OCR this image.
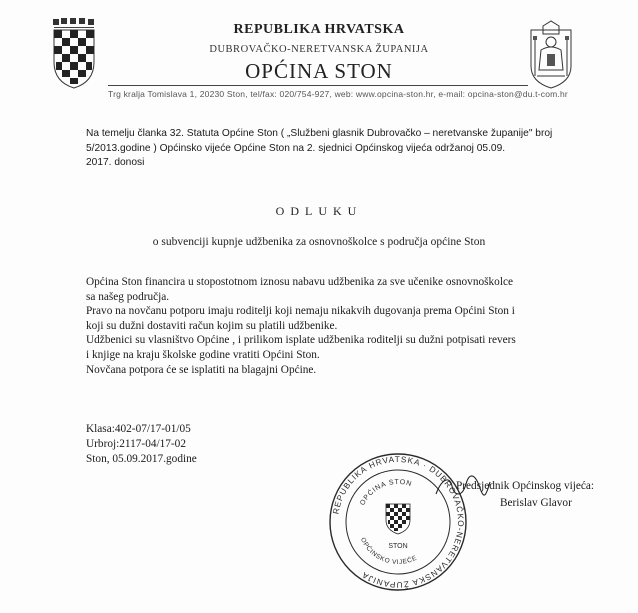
REPUBLIKA HRVATSKA
DUBROVAČKO-NERETVANSKA ŽUPANIJA
OPĆINA STON
Trg kralja Tomislava 1, 20230 Ston, tel/fax: 020/754-927, web: www.opcina-ston.hr, e-mail: opcina-ston@du.t-com.hr
Na temelju članka 32. Statuta Općine Ston ( „Službeni glasnik Dubrovačko – neretvanske županije" broj
5/2013.godine ) Općinsko vijeće Općine Ston na 2. sjednici Općinskog vijeća održanoj 05.09.
2017. donosi
ODLUKU
o subvenciji kupnje udžbenika za osnovnoškolce s područja općine Ston
Općina Ston financira u stopostotnom iznosu nabavu udžbenika za sve učenike osnovnoškolce
sa našeg područja.
Pravo na novčanu potporu imaju roditelji koji nemaju nikakvih dugovanja prema Općini Ston i
koji su dužni dostaviti račun kojim su platili udžbenike.
Udžbenici su vlasništvo Općine , i prilikom isplate udžbenika roditelji su dužni potpisati revers
i knjige na kraju školske godine vratiti Općini Ston.
Novčana potpora će se isplatiti na blagajni Općine.
Klasa:402-07/17-01/05
Urbroj:2117-04/17-02
Ston, 05.09.2017.godine
REPUBLIKA HRVATSKA · DUBROVAČKO-NERETVANSKA ŽUPANIJA
OPĆINA STON
OPĆINSKO VIJEĆE
STON
Predsjednik Općinskog vijeća:
Berislav Glavor
